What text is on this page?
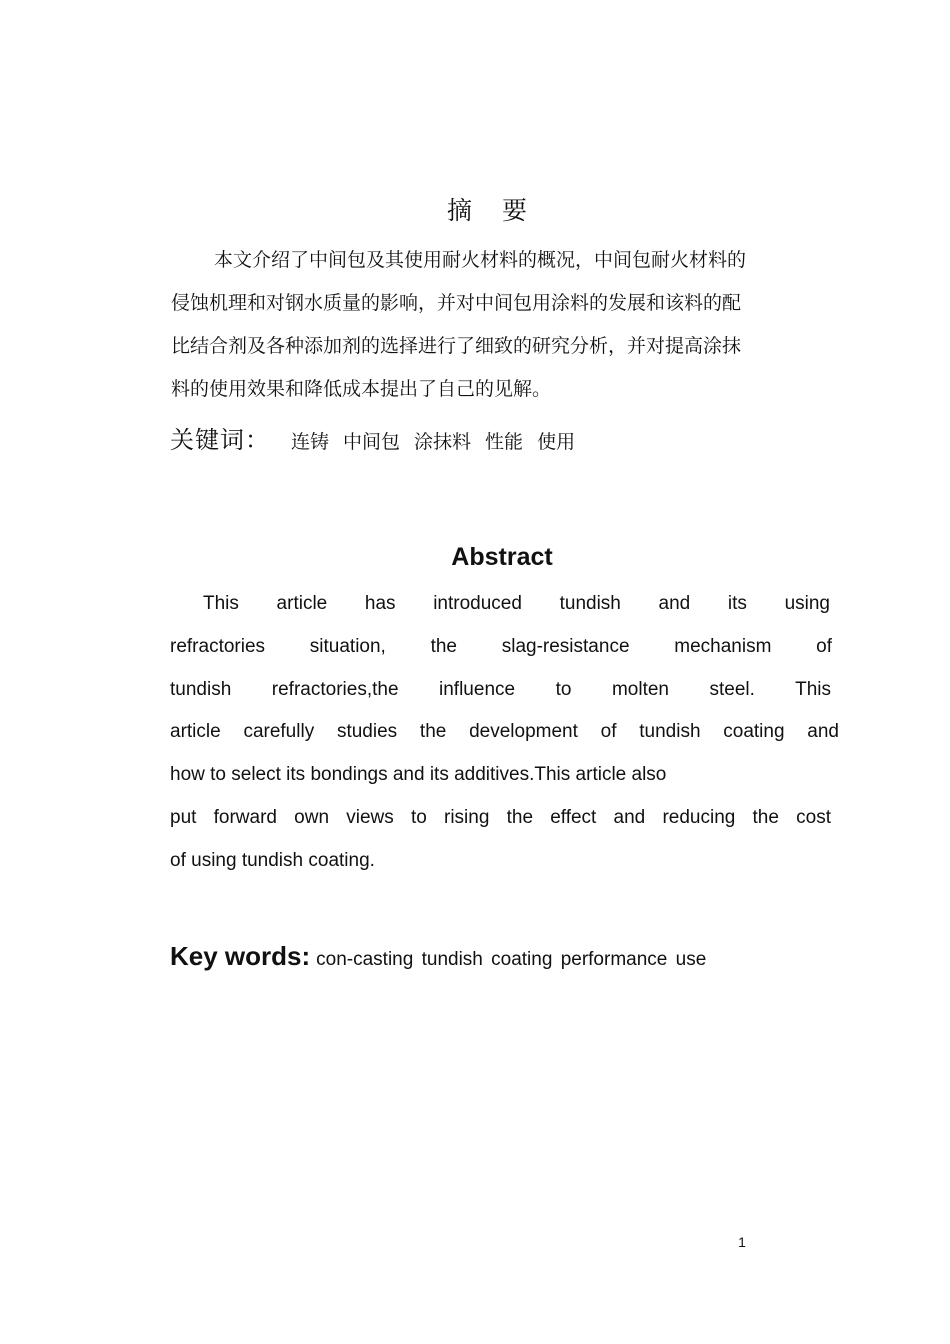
摘要
本文介绍了中间包及其使用耐火材料的概况，中间包耐火材料的
侵蚀机理和对钢水质量的影响，并对中间包用涂料的发展和该料的配
比结合剂及各种添加剂的选择进行了细致的研究分析，并对提高涂抹
料的使用效果和降低成本提出了自己的见解。
关键词： 连铸 中间包 涂抹料 性能 使用
Abstract
This article has introduced tundish and its using
refractories situation, the slag-resistance mechanism of
tundish refractories,the influence to molten steel. This
article carefully studies the development of tundish coating and
how to select its bondings and its additives.This article also
put forward own views to rising the effect and reducing the cost
of using tundish coating.
Key words: con-casting tundish coating performance use
1
